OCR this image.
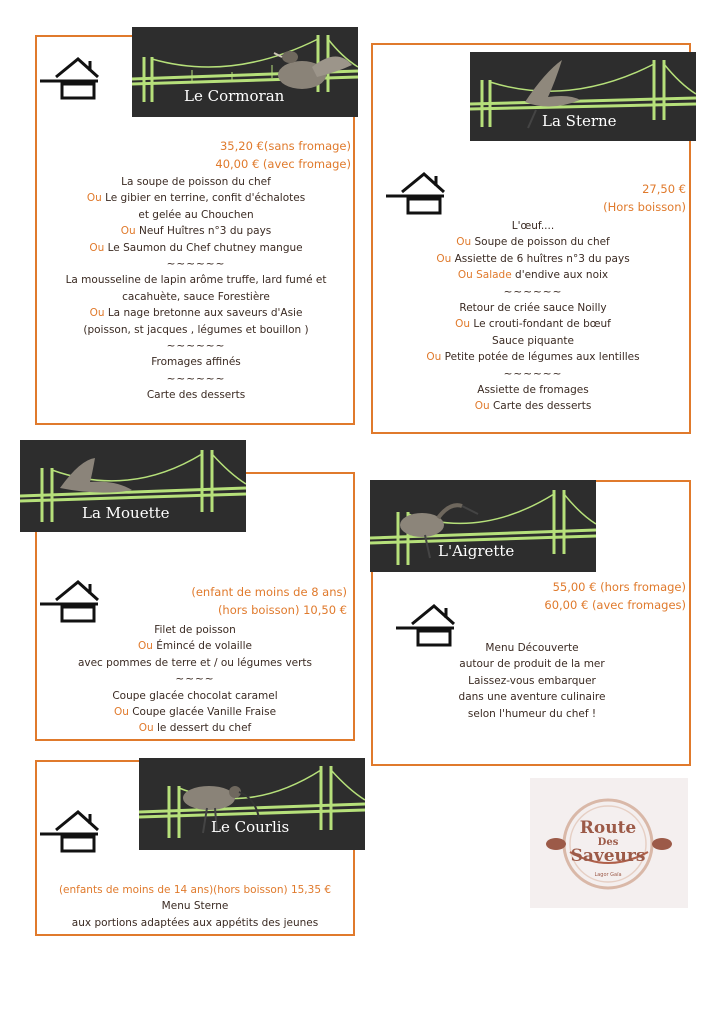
Le Cormoran
35,20 €(sans fromage)
40,00 € (avec fromage)
La soupe de poisson du chef
Ou Le gibier en terrine, confit d'échalotes
et gelée au Chouchen
Ou Neuf Huîtres n°3 du pays
Ou Le Saumon du Chef chutney mangue
~~~~~~
La mousseline de lapin arôme truffe, lard fumé et
cacahuète, sauce Forestière
Ou La nage bretonne aux saveurs d'Asie
(poisson, st jacques , légumes et bouillon )
~~~~~~
Fromages affinés
~~~~~~
Carte des desserts
La Sterne
27,50 €
(Hors boisson)
L'œuf....
Ou Soupe de poisson du chef
Ou Assiette de 6 huîtres n°3 du pays
Ou Salade d'endive aux noix
~~~~~~
Retour de criée sauce Noilly
Ou Le crouti-fondant de bœuf
Sauce piquante
Ou Petite potée de légumes aux lentilles
~~~~~~
Assiette de fromages
Ou Carte des desserts
La Mouette
(enfant de moins de 8 ans)
(hors boisson) 10,50 €
Filet de poisson
Ou Émincé de volaille
avec pommes de terre et / ou légumes verts
~~~~
Coupe glacée chocolat caramel
Ou Coupe glacée Vanille Fraise
Ou le dessert du chef
L'Aigrette
55,00 € (hors fromage)
60,00 € (avec fromages)
Menu Découverte
autour de produit de la mer
Laissez-vous embarquer
dans une aventure culinaire
selon l'humeur du chef !
Le Courlis
(enfants de moins de 14 ans)(hors boisson) 15,35 €
Menu Sterne
aux portions adaptées aux appétits des jeunes
Route
Des
Saveurs
Lagor Gaïa
